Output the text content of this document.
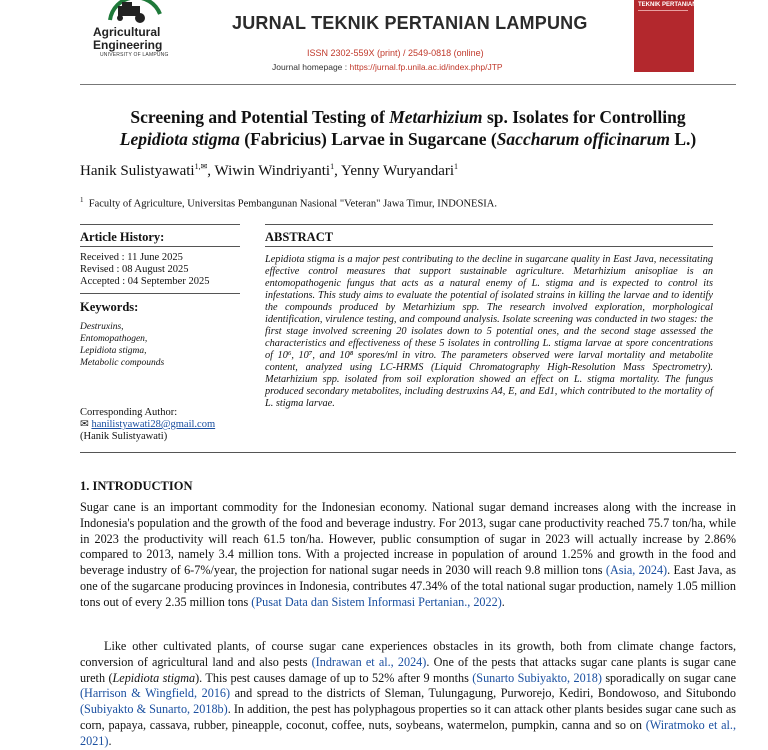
Agricultural
Engineering
UNIVERSITY OF LAMPUNG
JURNAL TEKNIK PERTANIAN LAMPUNG
ISSN 2302-559X (print) / 2549-0818 (online)
Journal homepage : https://jurnal.fp.unila.ac.id/index.php/JTP
TEKNIK PERTANIAN
Screening and Potential Testing of Metarhizium sp. Isolates for Controlling
Lepidiota stigma (Fabricius) Larvae in Sugarcane (Saccharum officinarum L.)
Hanik Sulistyawati$^{1,✉}$, Wiwin Windriyanti$^1$, Yenny Wuryandari$^1$
$^1$ Faculty of Agriculture, Universitas Pembangunan Nasional "Veteran" Jawa Timur, INDONESIA.
Article History:
Received : 11 June 2025
Revised : 08 August 2025
Accepted : 04 September 2025
Keywords:
Destruxins,
Entomopathogen,
Lepidiota stigma,
Metabolic compounds
Corresponding Author:
✉ hanilistyawati28@gmail.com
(Hanik Sulistyawati)
ABSTRACT
Lepidiota stigma is a major pest contributing to the decline in sugarcane quality in East Java, necessitating effective control measures that support sustainable agriculture. Metarhizium anisopliae is an entomopathogenic fungus that acts as a natural enemy of L. stigma and is expected to control its infestations. This study aims to evaluate the potential of isolated strains in killing the larvae and to identify the compounds produced by Metarhizium spp. The research involved exploration, morphological identification, virulence testing, and compound analysis. Isolate screening was conducted in two stages: the first stage involved screening 20 isolates down to 5 potential ones, and the second stage assessed the characteristics and effectiveness of these 5 isolates in controlling L. stigma larvae at spore concentrations of 10⁶, 10⁷, and 10⁸ spores/ml in vitro. The parameters observed were larval mortality and metabolite content, analyzed using LC-HRMS (Liquid Chromatography High-Resolution Mass Spectrometry). Metarhizium spp. isolated from soil exploration showed an effect on L. stigma mortality. The fungus produced secondary metabolites, including destruxins A4, E, and Ed1, which contributed to the mortality of L. stigma larvae.
1. INTRODUCTION
Sugar cane is an important commodity for the Indonesian economy. National sugar demand increases along with the increase in Indonesia's population and the growth of the food and beverage industry. For 2013, sugar cane productivity reached 75.7 ton/ha, while in 2023 the productivity will reach 61.5 ton/ha. However, public consumption of sugar in 2023 will actually increase by 2.86% compared to 2013, namely 3.4 million tons. With a projected increase in population of around 1.25% and growth in the food and beverage industry of 6-7%/year, the projection for national sugar needs in 2030 will reach 9.8 million tons (Asia, 2024). East Java, as one of the sugarcane producing provinces in Indonesia, contributes 47.34% of the total national sugar production, namely 1.05 million tons out of every 2.35 million tons (Pusat Data dan Sistem Informasi Pertanian., 2022).
Like other cultivated plants, of course sugar cane experiences obstacles in its growth, both from climate change factors, conversion of agricultural land and also pests (Indrawan et al., 2024). One of the pests that attacks sugar cane plants is sugar cane ureth (Lepidiota stigma). This pest causes damage of up to 52% after 9 months (Sunarto Subiyakto, 2018) sporadically on sugar cane (Harrison & Wingfield, 2016) and spread to the districts of Sleman, Tulungagung, Purworejo, Kediri, Bondowoso, and Situbondo (Subiyakto & Sunarto, 2018b). In addition, the pest has polyphagous properties so it can attack other plants besides sugar cane such as corn, papaya, cassava, rubber, pineapple, coconut, coffee, nuts, soybeans, watermelon, pumpkin, canna and so on (Wiratmoko et al., 2021).
